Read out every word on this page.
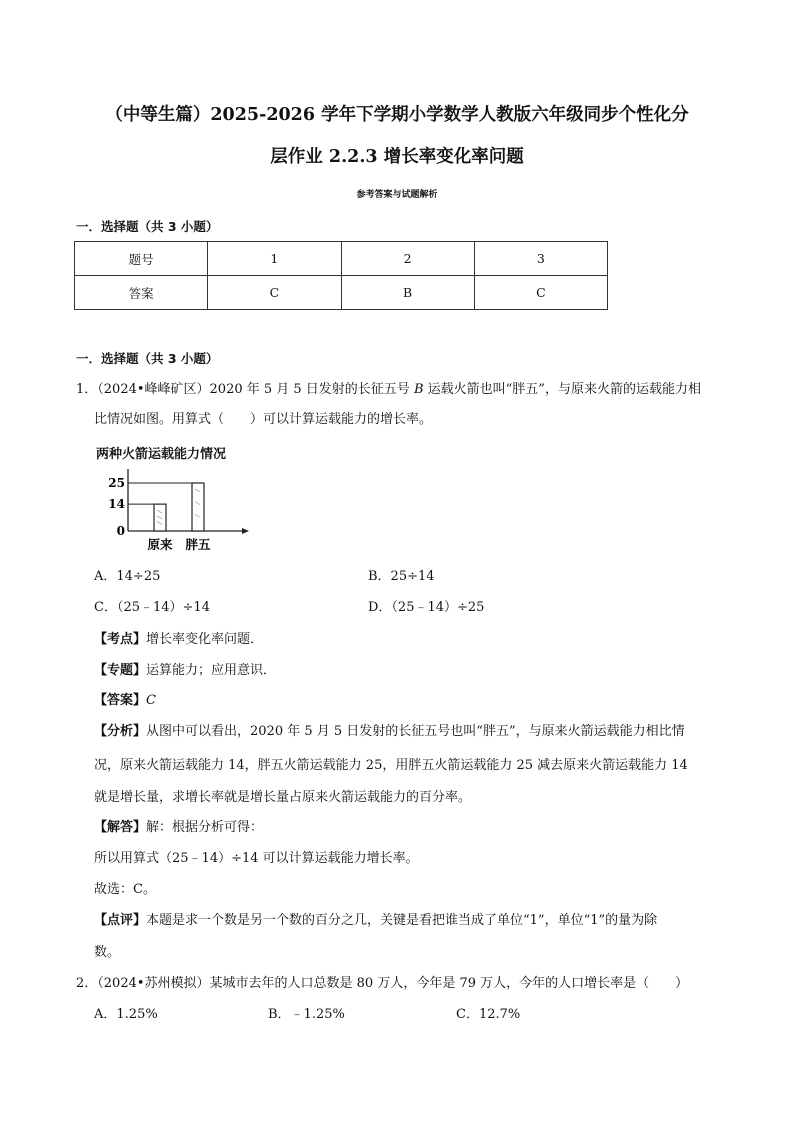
（中等生篇）2025-2026 学年下学期小学数学人教版六年级同步个性化分
层作业 2.2.3 增长率变化率问题
参考答案与试题解析
一．选择题（共 3 小题）
题号	1	2	3
答案	C	B	C
一．选择题（共 3 小题）
1．（2024•峰峰矿区）2020 年 5 月 5 日发射的长征五号 B 运载火箭也叫“胖五”，与原来火箭的运载能力相
比情况如图。用算式（　　）可以计算运载能力的增长率。
两种火箭运载能力情况
0
14
25
原来 胖五
A．14÷25	B．25÷14
C．（25﹣14）÷14	D．（25﹣14）÷25
【考点】增长率变化率问题．
【专题】运算能力；应用意识．
【答案】C
【分析】从图中可以看出，2020 年 5 月 5 日发射的长征五号也叫“胖五”，与原来火箭运载能力相比情
况，原来火箭运载能力 14，胖五火箭运载能力 25，用胖五火箭运载能力 25 减去原来火箭运载能力 14
就是增长量，求增长率就是增长量占原来火箭运载能力的百分率。
【解答】解：根据分析可得：
所以用算式（25﹣14）÷14 可以计算运载能力增长率。
故选：C。
【点评】本题是求一个数是另一个数的百分之几，关键是看把谁当成了单位“1”，单位“1”的量为除
数。
2．（2024•苏州模拟）某城市去年的人口总数是 80 万人，今年是 79 万人，今年的人口增长率是（　　）
A．1.25%	B．﹣1.25%	C．12.7%
